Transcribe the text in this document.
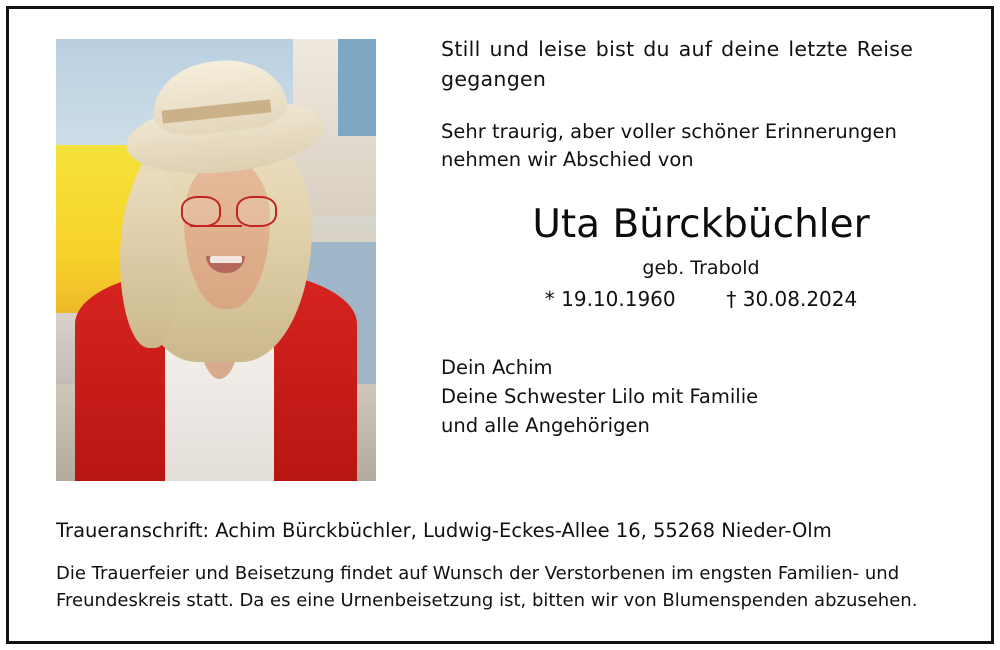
Still und leise bist du auf deine letzte Reise
gegangen
Sehr traurig, aber voller schöner Erinnerungen
nehmen wir Abschied von
Uta Bürckbüchler
geb. Trabold
* 19.10.1960	† 30.08.2024
Dein Achim
Deine Schwester Lilo mit Familie
und alle Angehörigen
Traueranschrift: Achim Bürckbüchler, Ludwig-Eckes-Allee 16, 55268 Nieder-Olm
Die Trauerfeier und Beisetzung findet auf Wunsch der Verstorbenen im engsten Familien- und
Freundeskreis statt. Da es eine Urnenbeisetzung ist, bitten wir von Blumenspenden abzusehen.
